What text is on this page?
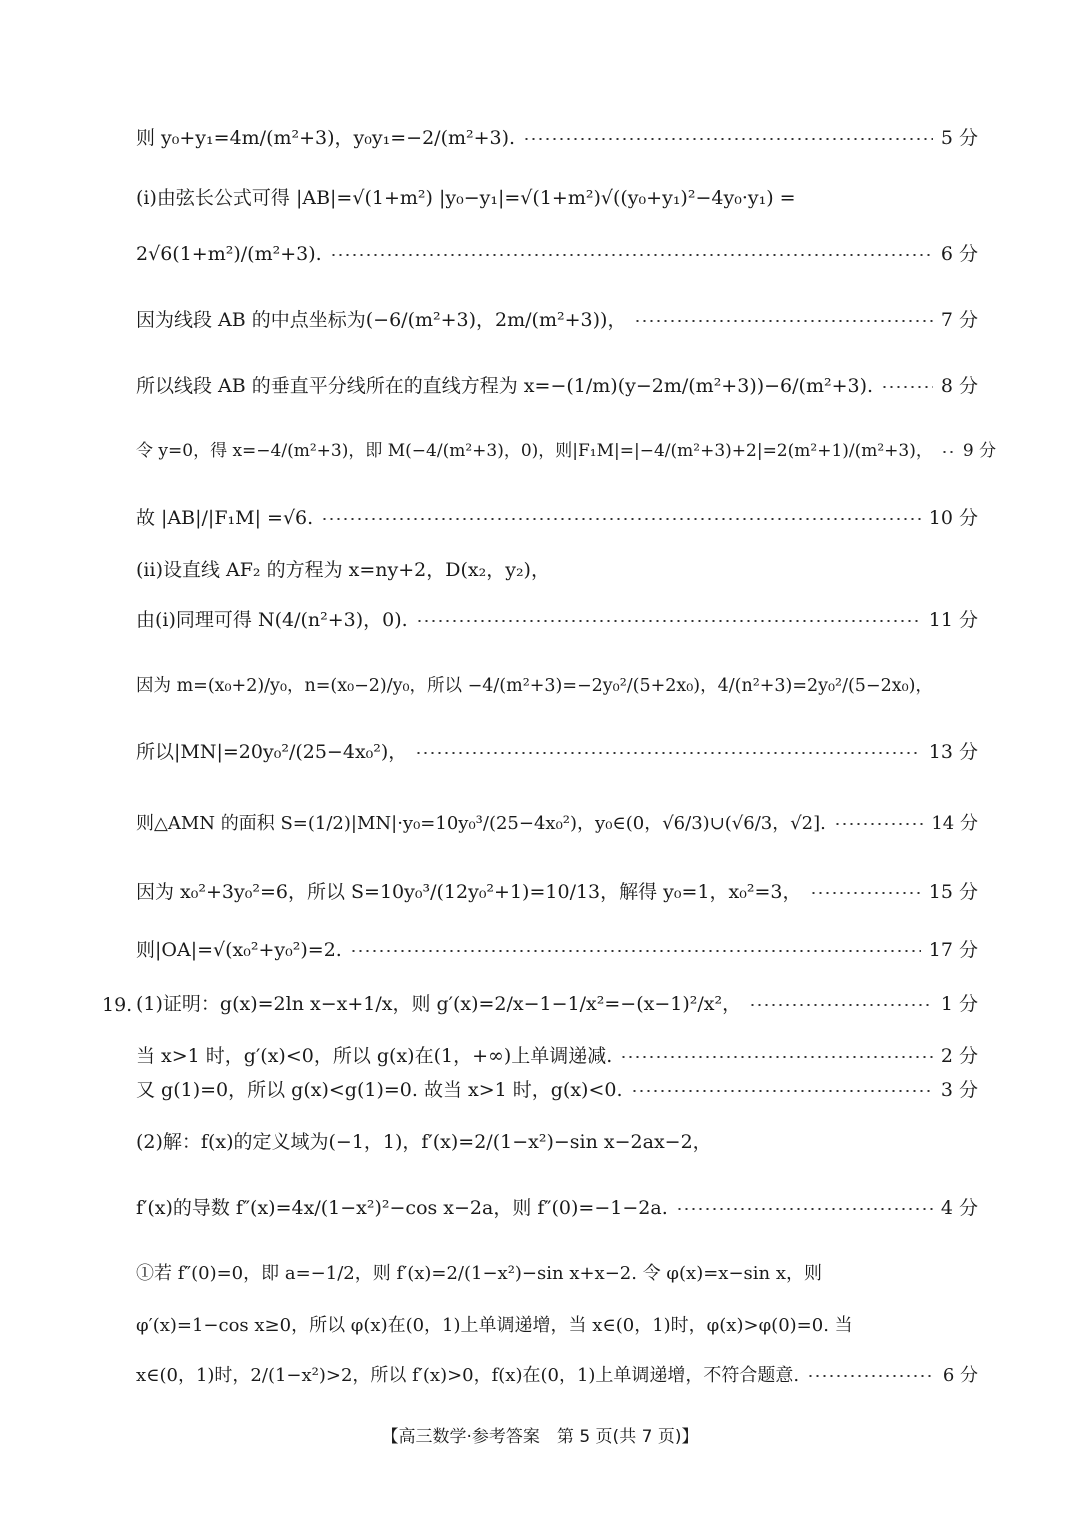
则 y₀+y₁=4m/(m²+3)，y₀y₁=−2/(m²+3).	5 分
(ⅰ)由弦长公式可得 |AB|=√(1+m²) |y₀−y₁|=√(1+m²)√((y₀+y₁)²−4y₀·y₁) =
2√6(1+m²)/(m²+3).	6 分
因为线段 AB 的中点坐标为(−6/(m²+3)，2m/(m²+3))，	7 分
所以线段 AB 的垂直平分线所在的直线方程为 x=−(1/m)(y−2m/(m²+3))−6/(m²+3).	8 分
令 y=0，得 x=−4/(m²+3)，即 M(−4/(m²+3)，0)，则|F₁M|=|−4/(m²+3)+2|=2(m²+1)/(m²+3)， 9 分
故 |AB|/|F₁M| =√6.	10 分
(ⅱ)设直线 AF₂ 的方程为 x=ny+2，D(x₂，y₂)，
由(ⅰ)同理可得 N(4/(n²+3)，0).	11 分
因为 m=(x₀+2)/y₀，n=(x₀−2)/y₀，所以 −4/(m²+3)=−2y₀²/(5+2x₀)，4/(n²+3)=2y₀²/(5−2x₀)，
所以|MN|=20y₀²/(25−4x₀²)，	13 分
则△AMN 的面积 S=(1/2)|MN|·y₀=10y₀³/(25−4x₀²)，y₀∈(0，√6/3)∪(√6/3，√2].	14 分
因为 x₀²+3y₀²=6，所以 S=10y₀³/(12y₀²+1)=10/13，解得 y₀=1，x₀²=3，	15 分
则|OA|=√(x₀²+y₀²)=2.	17 分
19. (1)证明：g(x)=2ln x−x+1/x，则 g′(x)=2/x−1−1/x²=−(x−1)²/x²，	1 分
当 x>1 时，g′(x)<0，所以 g(x)在(1，+∞)上单调递减.	2 分
又 g(1)=0，所以 g(x)<g(1)=0. 故当 x>1 时，g(x)<0.	3 分
(2)解：f(x)的定义域为(−1，1)，f′(x)=2/(1−x²)−sin x−2ax−2，
f′(x)的导数 f″(x)=4x/(1−x²)²−cos x−2a，则 f″(0)=−1−2a.	4 分
①若 f″(0)=0，即 a=−1/2，则 f′(x)=2/(1−x²)−sin x+x−2. 令 φ(x)=x−sin x，则
φ′(x)=1−cos x≥0，所以 φ(x)在(0，1)上单调递增，当 x∈(0，1)时，φ(x)>φ(0)=0. 当
x∈(0，1)时，2/(1−x²)>2，所以 f′(x)>0，f(x)在(0，1)上单调递增，不符合题意.	6 分
【高三数学·参考答案　第 5 页(共 7 页)】
